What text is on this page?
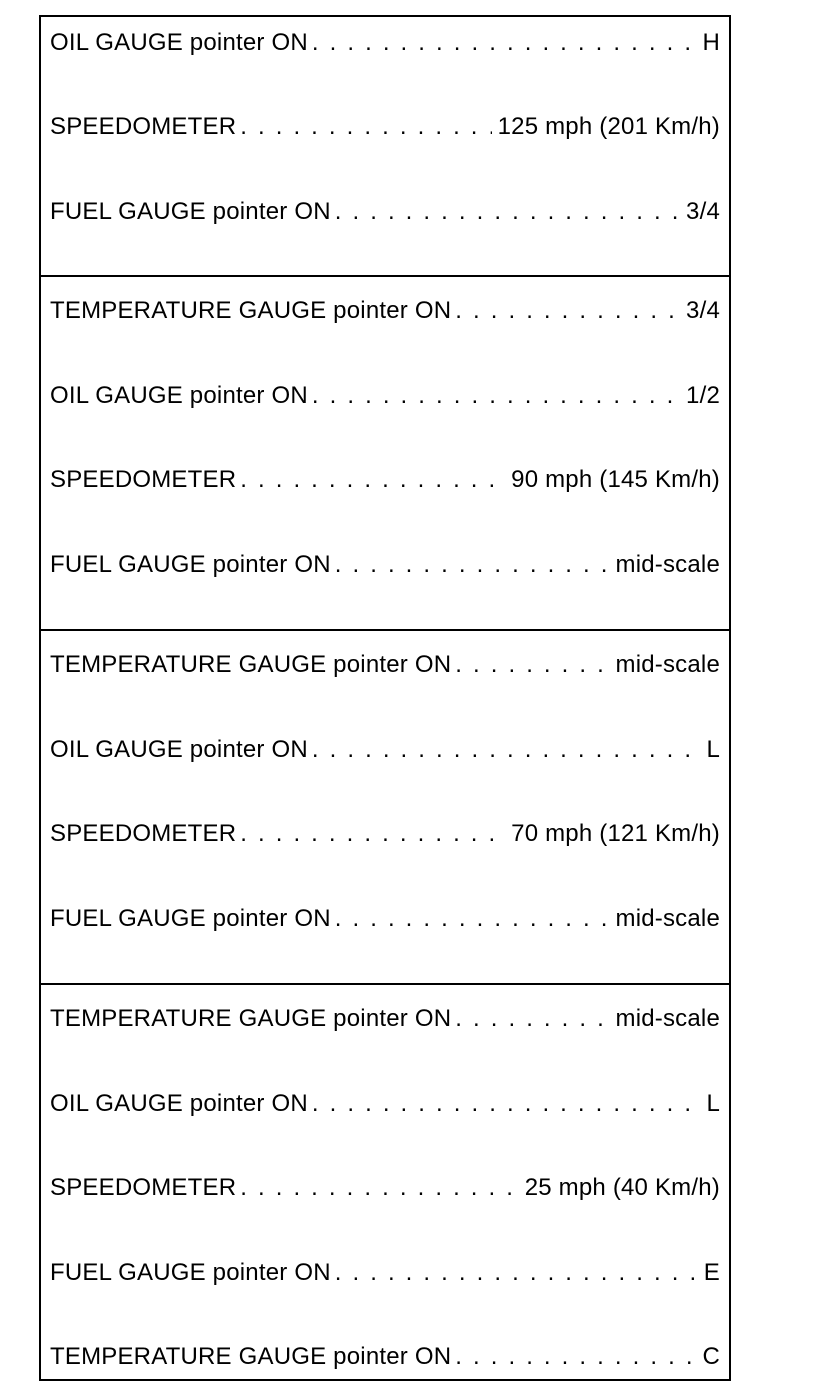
OIL GAUGE pointer ON . . .	H
SPEEDOMETER . . .	125 mph (201 Km/h)
FUEL GAUGE pointer ON . . .	3/4
TEMPERATURE GAUGE pointer ON . . .	3/4
OIL GAUGE pointer ON . . .	1/2
SPEEDOMETER . . .	90 mph (145 Km/h)
FUEL GAUGE pointer ON . . .	mid-scale
TEMPERATURE GAUGE pointer ON . . .	mid-scale
OIL GAUGE pointer ON . . .	L
SPEEDOMETER . . .	70 mph (121 Km/h)
FUEL GAUGE pointer ON . . .	mid-scale
TEMPERATURE GAUGE pointer ON . . .	mid-scale
OIL GAUGE pointer ON . . .	L
SPEEDOMETER . . .	25 mph (40 Km/h)
FUEL GAUGE pointer ON . . .	E
TEMPERATURE GAUGE pointer ON . . .	C
